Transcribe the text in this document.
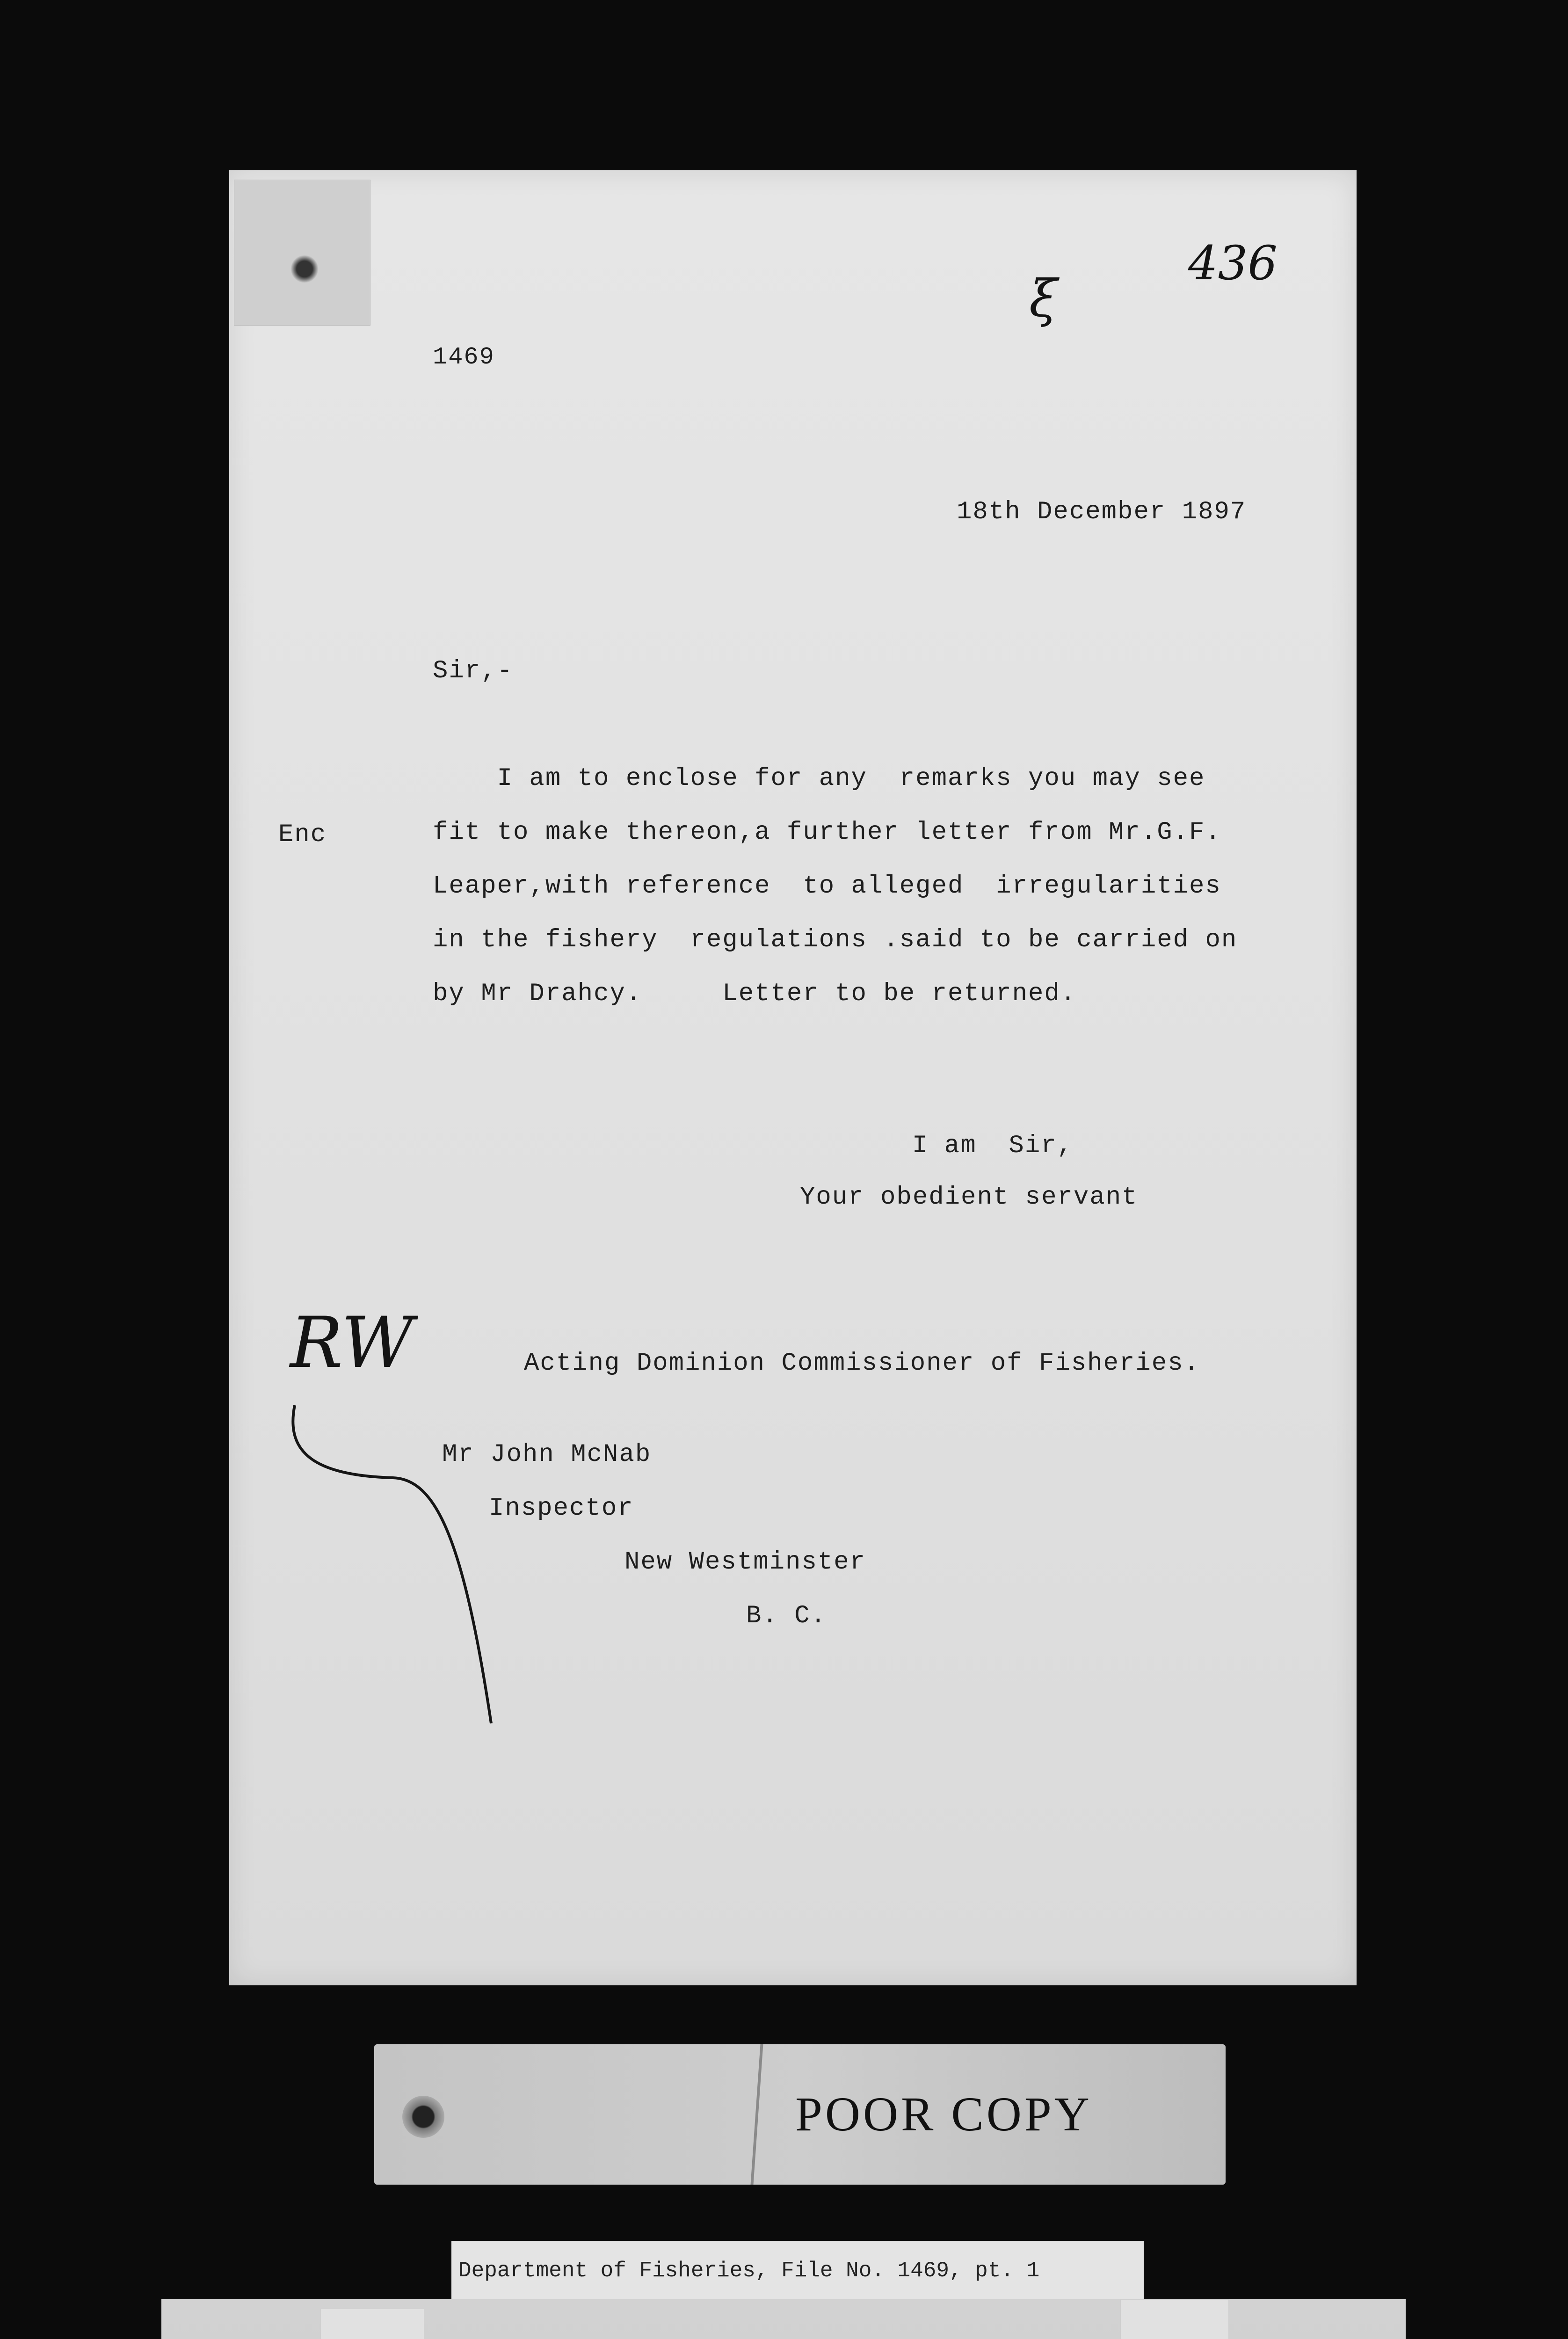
1469
ξ
436
18th December 1897
Sir,-
Enc
I am to enclose for any  remarks you may see
fit to make thereon,a further letter from Mr.G.F.
Leaper,with reference  to alleged  irregularities
in the fishery  regulations .said to be carried on
by Mr Drahcy.     Letter to be returned.
I am  Sir,
Your obedient servant
Acting Dominion Commissioner of Fisheries.
RW
Mr John McNab
Inspector
New Westminster
B. C.
POOR COPY
Department of Fisheries, File No. 1469, pt. 1
